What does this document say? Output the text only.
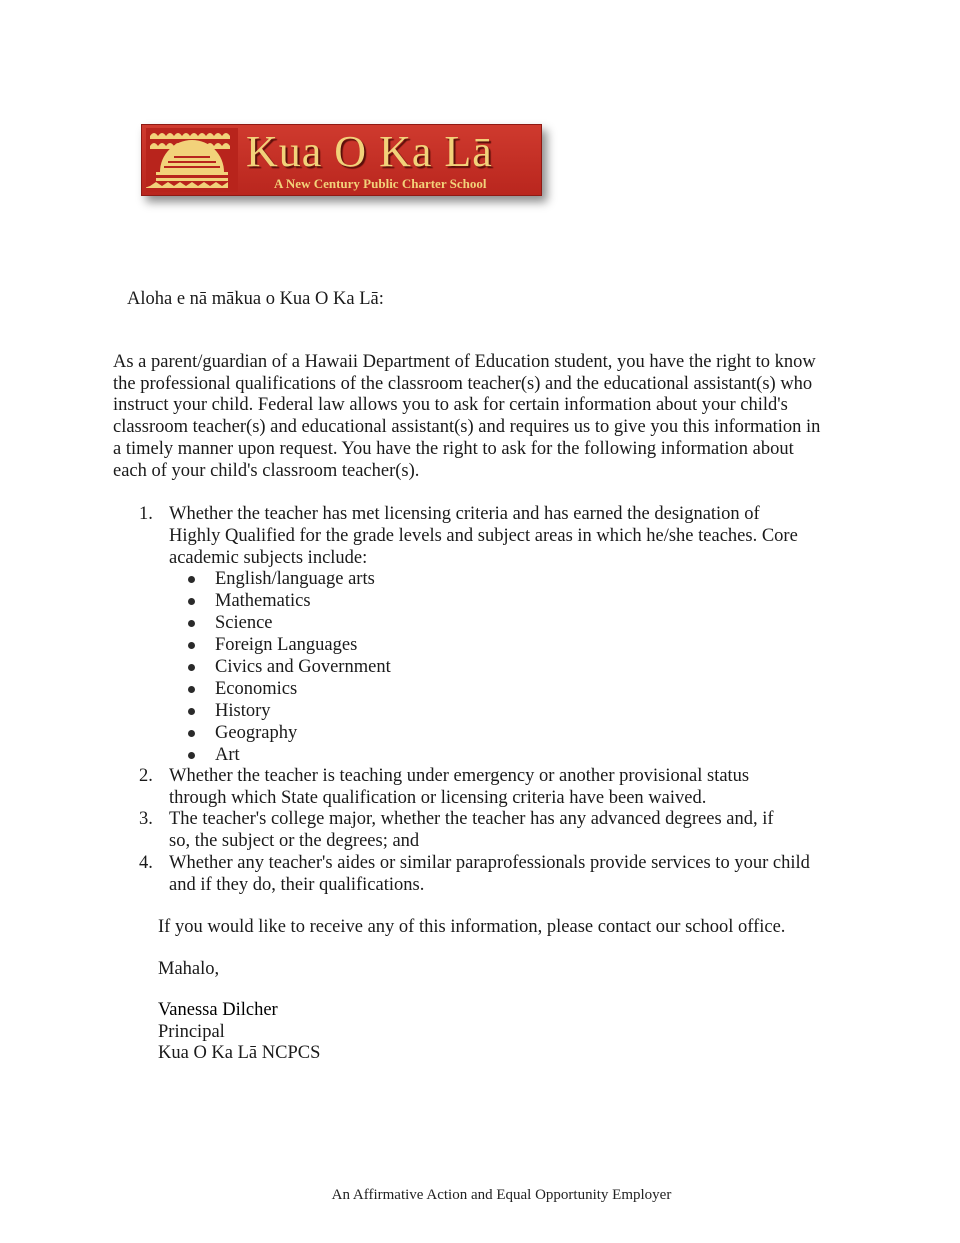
Kua O Ka Lā
A New Century Public Charter School

Aloha e nā mākua o Kua O Ka Lā:

As a parent/guardian of a Hawaii Department of Education student, you have the right to know
the professional qualifications of the classroom teacher(s) and the educational assistant(s) who
instruct your child. Federal law allows you to ask for certain information about your child's
classroom teacher(s) and educational assistant(s) and requires us to give you this information in
a timely manner upon request. You have the right to ask for the following information about
each of your child's classroom teacher(s).
1. Whether the teacher has met licensing criteria and has earned the designation of
Highly Qualified for the grade levels and subject areas in which he/she teaches. Core
academic subjects include:
2. Whether the teacher is teaching under emergency or another provisional status
through which State qualification or licensing criteria have been waived.
3. The teacher's college major, whether the teacher has any advanced degrees and, if
so, the subject or the degrees; and
4. Whether any teacher's aides or similar paraprofessionals provide services to your child
and if they do, their qualifications.
English/language arts
Mathematics
Science
Foreign Languages
Civics and Government
Economics
History
Geography
Art

If you would like to receive any of this information, please contact our school office.

Mahalo,

Vanessa Dilcher
Principal
Kua O Ka Lā NCPCS
An Affirmative Action and Equal Opportunity Employer
